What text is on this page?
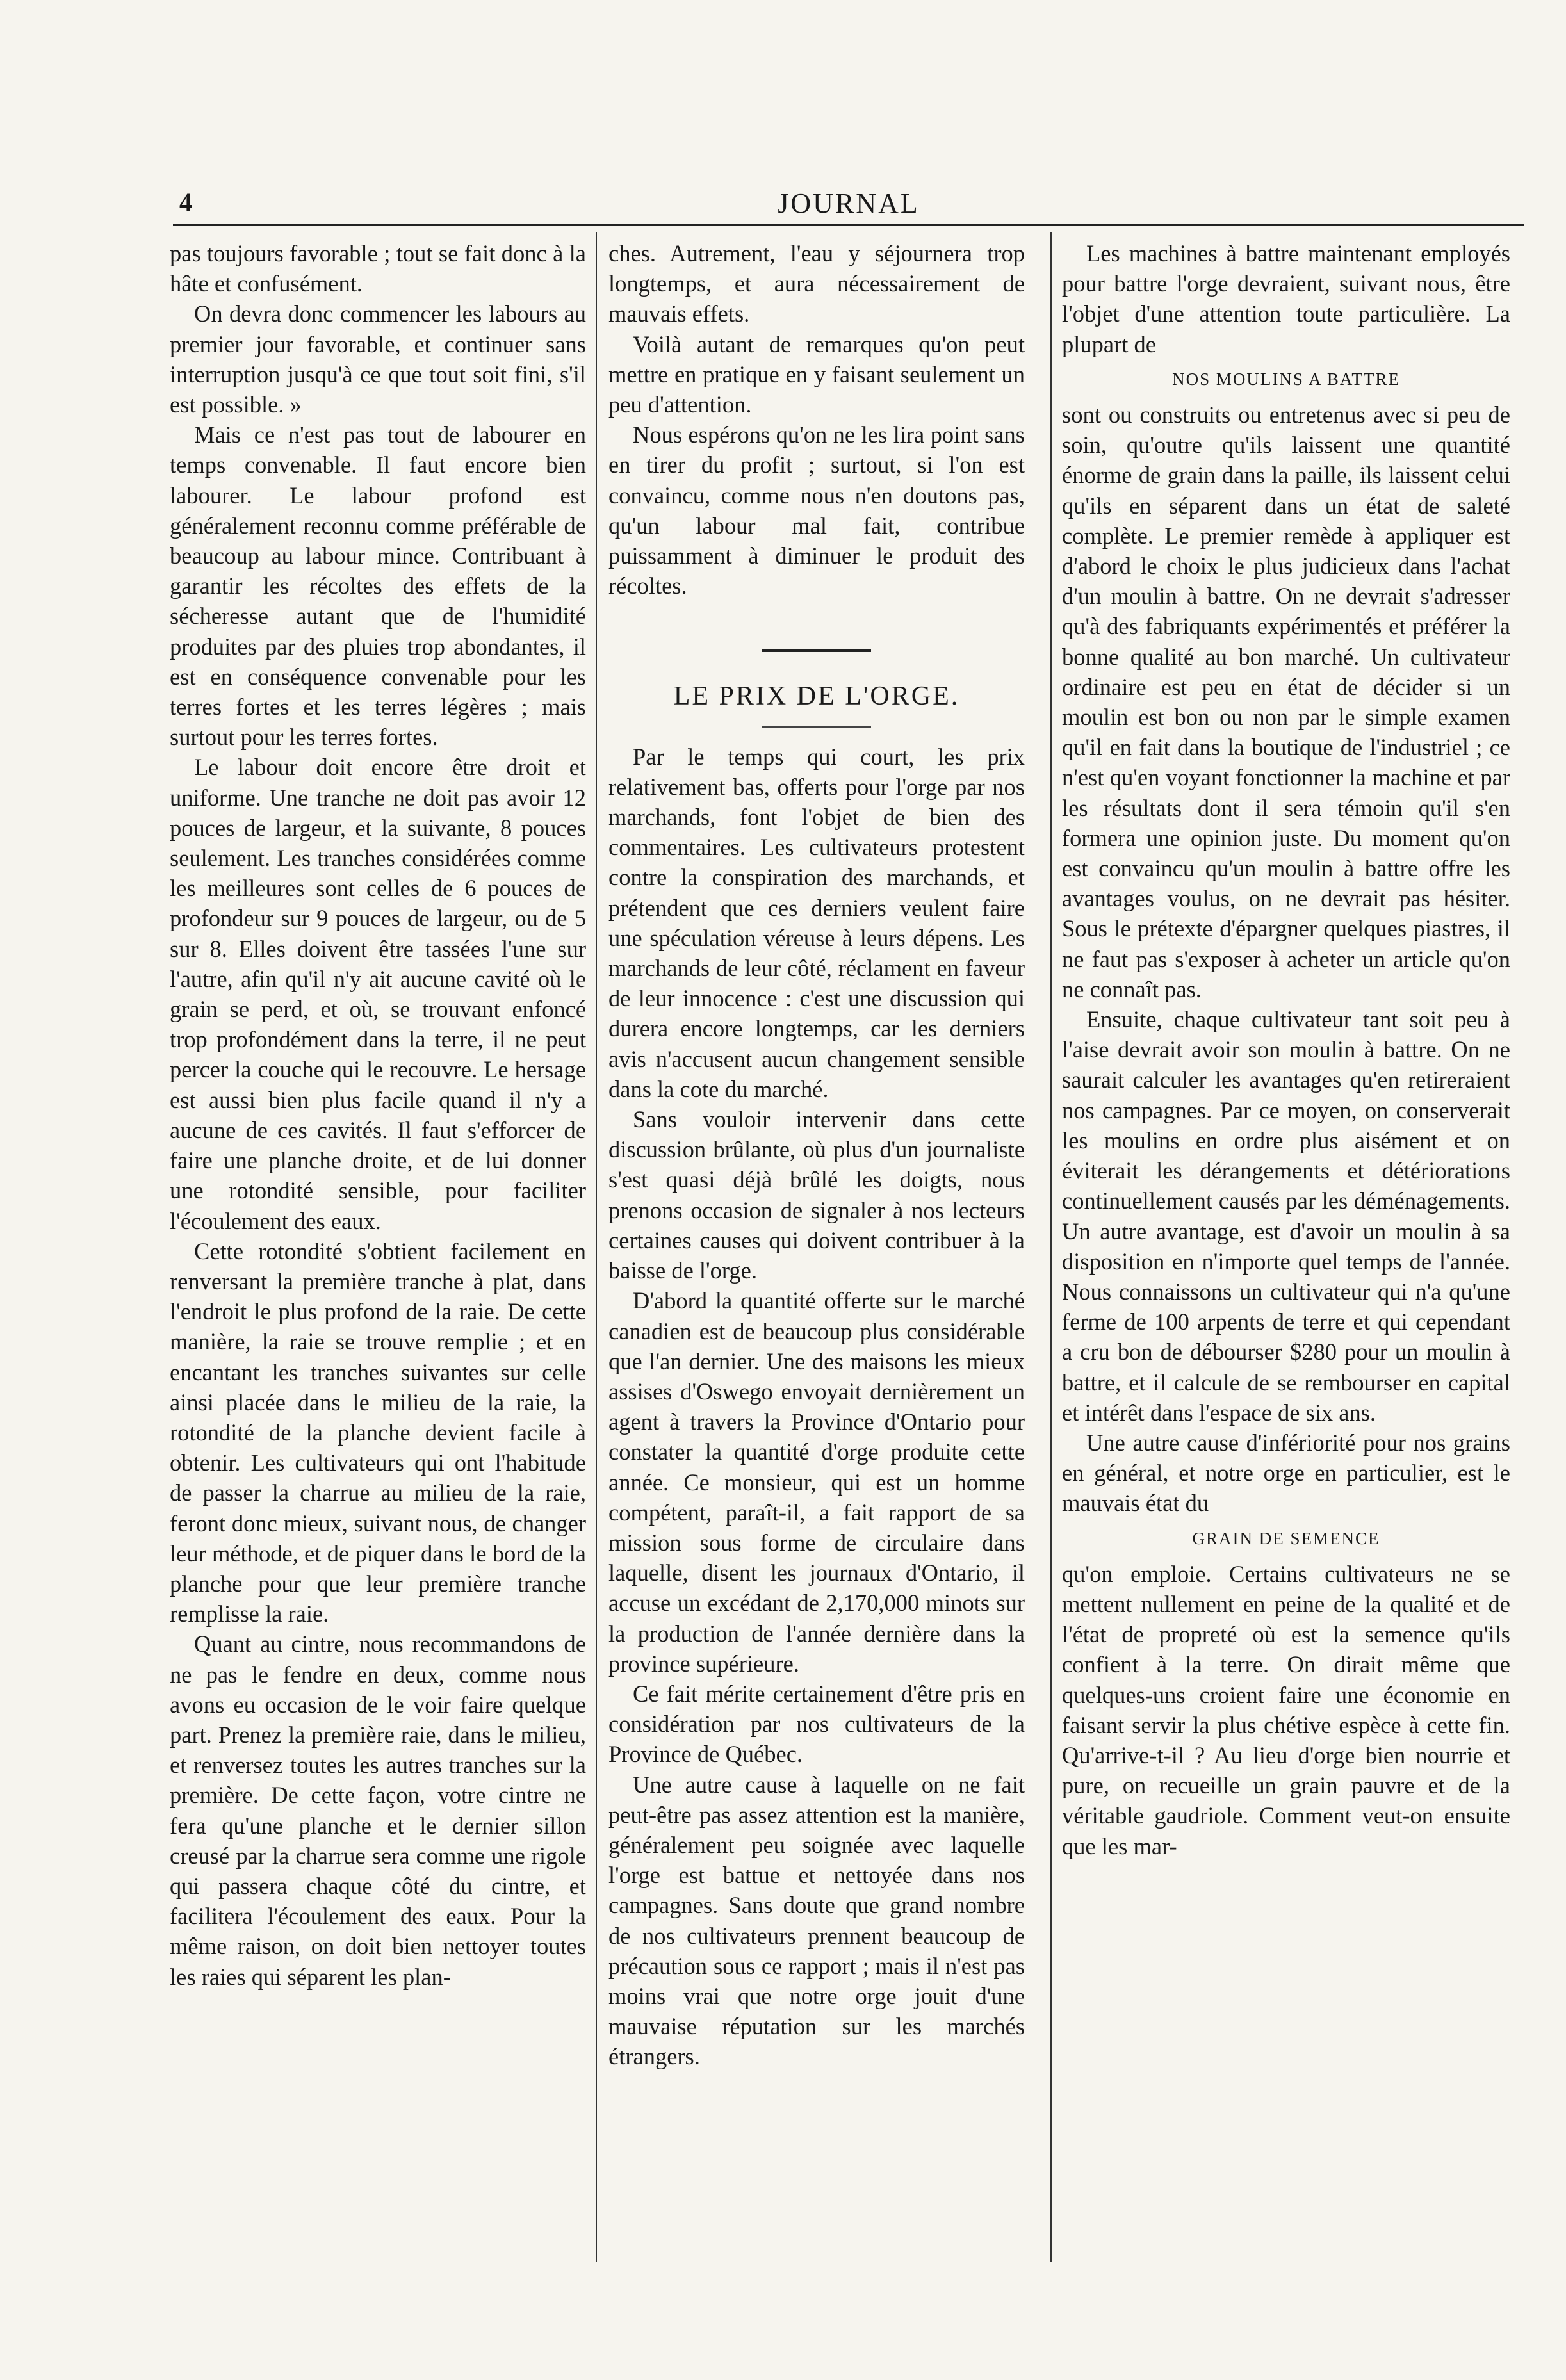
4	JOURNAL

pas toujours favorable ; tout se fait donc à la hâte et confusément.

On devra donc commencer les labours au premier jour favorable, et continuer sans interruption jusqu'à ce que tout soit fini, s'il est possible. »

Mais ce n'est pas tout de labourer en temps convenable. Il faut encore bien labourer. Le labour profond est généralement reconnu comme préférable de beaucoup au labour mince. Contribuant à garantir les récoltes des effets de la sécheresse autant que de l'humidité produites par des pluies trop abondantes, il est en conséquence convenable pour les terres fortes et les terres légères ; mais surtout pour les terres fortes.

Le labour doit encore être droit et uniforme. Une tranche ne doit pas avoir 12 pouces de largeur, et la suivante, 8 pouces seulement. Les tranches considérées comme les meilleures sont celles de 6 pouces de profondeur sur 9 pouces de largeur, ou de 5 sur 8. Elles doivent être tassées l'une sur l'autre, afin qu'il n'y ait aucune cavité où le grain se perd, et où, se trouvant enfoncé trop profondément dans la terre, il ne peut percer la couche qui le recouvre. Le hersage est aussi bien plus facile quand il n'y a aucune de ces cavités. Il faut s'efforcer de faire une planche droite, et de lui donner une rotondité sensible, pour faciliter l'écoulement des eaux.

Cette rotondité s'obtient facilement en renversant la première tranche à plat, dans l'endroit le plus profond de la raie. De cette manière, la raie se trouve remplie ; et en encantant les tranches suivantes sur celle ainsi placée dans le milieu de la raie, la rotondité de la planche devient facile à obtenir. Les cultivateurs qui ont l'habitude de passer la charrue au milieu de la raie, feront donc mieux, suivant nous, de changer leur méthode, et de piquer dans le bord de la planche pour que leur première tranche remplisse la raie.

Quant au cintre, nous recommandons de ne pas le fendre en deux, comme nous avons eu occasion de le voir faire quelque part. Prenez la première raie, dans le milieu, et renversez toutes les autres tranches sur la première. De cette façon, votre cintre ne fera qu'une planche et le dernier sillon creusé par la charrue sera comme une rigole qui passera chaque côté du cintre, et facilitera l'écoulement des eaux. Pour la même raison, on doit bien nettoyer toutes les raies qui séparent les plan-

ches. Autrement, l'eau y séjournera trop longtemps, et aura nécessairement de mauvais effets.

Voilà autant de remarques qu'on peut mettre en pratique en y faisant seulement un peu d'attention.

Nous espérons qu'on ne les lira point sans en tirer du profit ; surtout, si l'on est convaincu, comme nous n'en doutons pas, qu'un labour mal fait, contribue puissamment à diminuer le produit des récoltes.

LE PRIX DE L'ORGE.

Par le temps qui court, les prix relativement bas, offerts pour l'orge par nos marchands, font l'objet de bien des commentaires. Les cultivateurs protestent contre la conspiration des marchands, et prétendent que ces derniers veulent faire une spéculation véreuse à leurs dépens. Les marchands de leur côté, réclament en faveur de leur innocence : c'est une discussion qui durera encore longtemps, car les derniers avis n'accusent aucun changement sensible dans la cote du marché.

Sans vouloir intervenir dans cette discussion brûlante, où plus d'un journaliste s'est quasi déjà brûlé les doigts, nous prenons occasion de signaler à nos lecteurs certaines causes qui doivent contribuer à la baisse de l'orge.

D'abord la quantité offerte sur le marché canadien est de beaucoup plus considérable que l'an dernier. Une des maisons les mieux assises d'Oswego envoyait dernièrement un agent à travers la Province d'Ontario pour constater la quantité d'orge produite cette année. Ce monsieur, qui est un homme compétent, paraît-il, a fait rapport de sa mission sous forme de circulaire dans laquelle, disent les journaux d'Ontario, il accuse un excédant de 2,170,000 minots sur la production de l'année dernière dans la province supérieure.

Ce fait mérite certainement d'être pris en considération par nos cultivateurs de la Province de Québec.

Une autre cause à laquelle on ne fait peut-être pas assez attention est la manière, généralement peu soignée avec laquelle l'orge est battue et nettoyée dans nos campagnes. Sans doute que grand nombre de nos cultivateurs prennent beaucoup de précaution sous ce rapport ; mais il n'est pas moins vrai que notre orge jouit d'une mauvaise réputation sur les marchés étrangers.

Les machines à battre maintenant employés pour battre l'orge devraient, suivant nous, être l'objet d'une attention toute particulière. La plupart de

NOS MOULINS A BATTRE

sont ou construits ou entretenus avec si peu de soin, qu'outre qu'ils laissent une quantité énorme de grain dans la paille, ils laissent celui qu'ils en séparent dans un état de saleté complète. Le premier remède à appliquer est d'abord le choix le plus judicieux dans l'achat d'un moulin à battre. On ne devrait s'adresser qu'à des fabriquants expérimentés et préférer la bonne qualité au bon marché. Un cultivateur ordinaire est peu en état de décider si un moulin est bon ou non par le simple examen qu'il en fait dans la boutique de l'industriel ; ce n'est qu'en voyant fonctionner la machine et par les résultats dont il sera témoin qu'il s'en formera une opinion juste. Du moment qu'on est convaincu qu'un moulin à battre offre les avantages voulus, on ne devrait pas hésiter. Sous le prétexte d'épargner quelques piastres, il ne faut pas s'exposer à acheter un article qu'on ne connaît pas.

Ensuite, chaque cultivateur tant soit peu à l'aise devrait avoir son moulin à battre. On ne saurait calculer les avantages qu'en retireraient nos campagnes. Par ce moyen, on conserverait les moulins en ordre plus aisément et on éviterait les dérangements et détériorations continuellement causés par les déménagements. Un autre avantage, est d'avoir un moulin à sa disposition en n'importe quel temps de l'année. Nous connaissons un cultivateur qui n'a qu'une ferme de 100 arpents de terre et qui cependant a cru bon de débourser $280 pour un moulin à battre, et il calcule de se rembourser en capital et intérêt dans l'espace de six ans.

Une autre cause d'infériorité pour nos grains en général, et notre orge en particulier, est le mauvais état du

GRAIN DE SEMENCE

qu'on emploie. Certains cultivateurs ne se mettent nullement en peine de la qualité et de l'état de propreté où est la semence qu'ils confient à la terre. On dirait même que quelques-uns croient faire une économie en faisant servir la plus chétive espèce à cette fin. Qu'arrive-t-il ? Au lieu d'orge bien nourrie et pure, on recueille un grain pauvre et de la véritable gaudriole. Comment veut-on ensuite que les mar-
